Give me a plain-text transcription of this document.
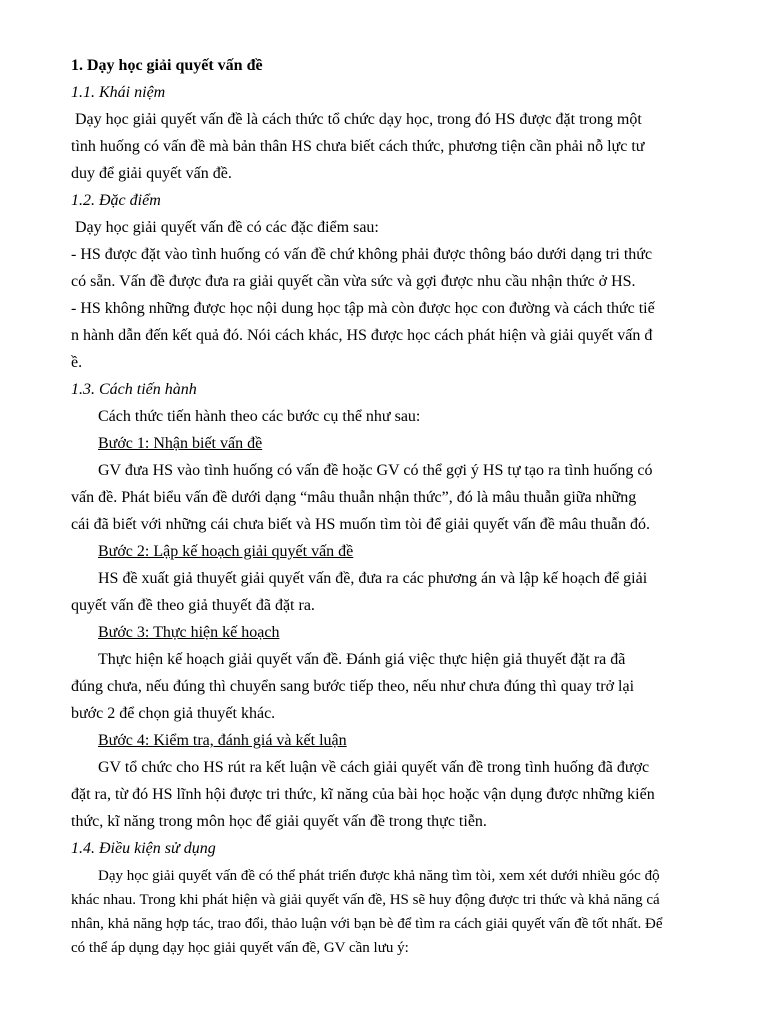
1. Dạy học giải quyết vấn đề
1.1. Khái niệm
Dạy học giải quyết vấn đề là cách thức tổ chức dạy học, trong đó HS được đặt trong một
tình huống có vấn đề mà bản thân HS chưa biết cách thức, phương tiện cần phải nỗ lực tư
duy để giải quyết vấn đề.
1.2. Đặc điểm
Dạy học giải quyết vấn đề có các đặc điểm sau:
- HS được đặt vào tình huống có vấn đề chứ không phải được thông báo dưới dạng tri thức
có sẵn. Vấn đề được đưa ra giải quyết cần vừa sức và gợi được nhu cầu nhận thức ở HS.
- HS không những được học nội dung học tập mà còn được học con đường và cách thức tiế
n hành dẫn đến kết quả đó. Nói cách khác, HS được học cách phát hiện và giải quyết vấn đ
ề.
1.3. Cách tiến hành
Cách thức tiến hành theo các bước cụ thể như sau:
Bước 1: Nhận biết vấn đề
GV đưa HS vào tình huống có vấn đề hoặc GV có thể gợi ý HS tự tạo ra tình huống có
vấn đề. Phát biểu vấn đề dưới dạng “mâu thuẫn nhận thức”, đó là mâu thuẫn giữa những
cái đã biết với những cái chưa biết và HS muốn tìm tòi để giải quyết vấn đề mâu thuẫn đó.
Bước 2: Lập kế hoạch giải quyết vấn đề
HS đề xuất giả thuyết giải quyết vấn đề, đưa ra các phương án và lập kế hoạch để giải
quyết vấn đề theo giả thuyết đã đặt ra.
Bước 3: Thực hiện kế hoạch
Thực hiện kế hoạch giải quyết vấn đề. Đánh giá việc thực hiện giả thuyết đặt ra đã
đúng chưa, nếu đúng thì chuyển sang bước tiếp theo, nếu như chưa đúng thì quay trở lại
bước 2 để chọn giả thuyết khác.
Bước 4: Kiểm tra, đánh giá và kết luận
GV tổ chức cho HS rút ra kết luận về cách giải quyết vấn đề trong tình huống đã được
đặt ra, từ đó HS lĩnh hội được tri thức, kĩ năng của bài học hoặc vận dụng được những kiến
thức, kĩ năng trong môn học để giải quyết vấn đề trong thực tiễn.
1.4. Điều kiện sử dụng
Dạy học giải quyết vấn đề có thể phát triển được khả năng tìm tòi, xem xét dưới nhiều góc độ
khác nhau. Trong khi phát hiện và giải quyết vấn đề, HS sẽ huy động được tri thức và khả năng cá
nhân, khả năng hợp tác, trao đổi, thảo luận với bạn bè để tìm ra cách giải quyết vấn đề tốt nhất. Để
có thể áp dụng dạy học giải quyết vấn đề, GV cần lưu ý:
